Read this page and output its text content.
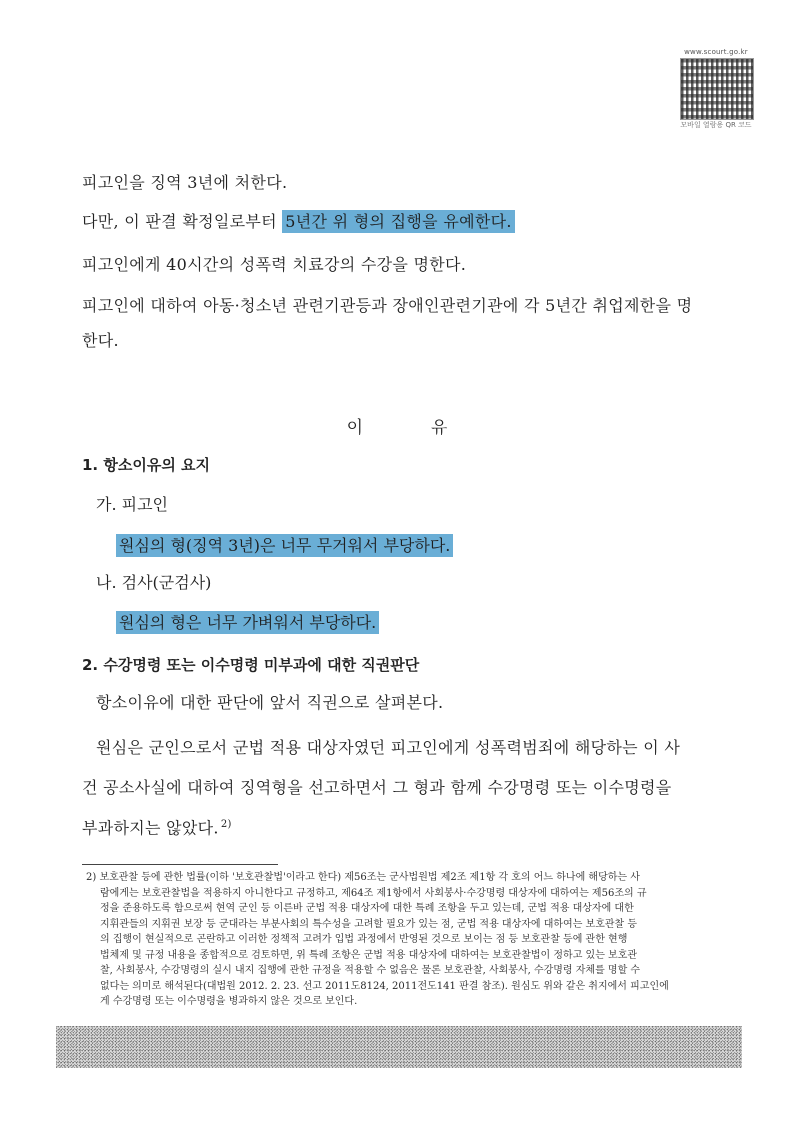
www.scourt.go.kr
모바일 열람용 QR 코드
피고인을 징역 3년에 처한다.
다만, 이 판결 확정일로부터 5년간 위 형의 집행을 유예한다.
피고인에게 40시간의 성폭력 치료강의 수강을 명한다.
피고인에 대하여 아동·청소년 관련기관등과 장애인관련기관에 각 5년간 취업제한을 명
한다.
이	유
1. 항소이유의 요지
가. 피고인
원심의 형(징역 3년)은 너무 무거워서 부당하다.
나. 검사(군검사)
원심의 형은 너무 가벼워서 부당하다.
2. 수강명령 또는 이수명령 미부과에 대한 직권판단
항소이유에 대한 판단에 앞서 직권으로 살펴본다.
원심은 군인으로서 군법 적용 대상자였던 피고인에게 성폭력범죄에 해당하는 이 사
건 공소사실에 대하여 징역형을 선고하면서 그 형과 함께 수강명령 또는 이수명령을
부과하지는 않았다. $^{2)}$
2) 보호관찰 등에 관한 법률(이하 '보호관찰법'이라고 한다) 제56조는 군사법원법 제2조 제1항 각 호의 어느 하나에 해당하는 사
람에게는 보호관찰법을 적용하지 아니한다고 규정하고, 제64조 제1항에서 사회봉사·수강명령 대상자에 대하여는 제56조의 규
정을 준용하도록 함으로써 현역 군인 등 이른바 군법 적용 대상자에 대한 특례 조항을 두고 있는데, 군법 적용 대상자에 대한
지휘관들의 지휘권 보장 등 군대라는 부분사회의 특수성을 고려할 필요가 있는 점, 군법 적용 대상자에 대하여는 보호관찰 등
의 집행이 현실적으로 곤란하고 이러한 정책적 고려가 입법 과정에서 반영된 것으로 보이는 점 등 보호관찰 등에 관한 현행
법체제 및 규정 내용을 종합적으로 검토하면, 위 특례 조항은 군법 적용 대상자에 대하여는 보호관찰법이 정하고 있는 보호관
찰, 사회봉사, 수강명령의 실시 내지 집행에 관한 규정을 적용할 수 없음은 물론 보호관찰, 사회봉사, 수강명령 자체를 명할 수
없다는 의미로 해석된다(대법원 2012. 2. 23. 선고 2011도8124, 2011전도141 판결 참조). 원심도 위와 같은 취지에서 피고인에
게 수강명령 또는 이수명령을 병과하지 않은 것으로 보인다.
